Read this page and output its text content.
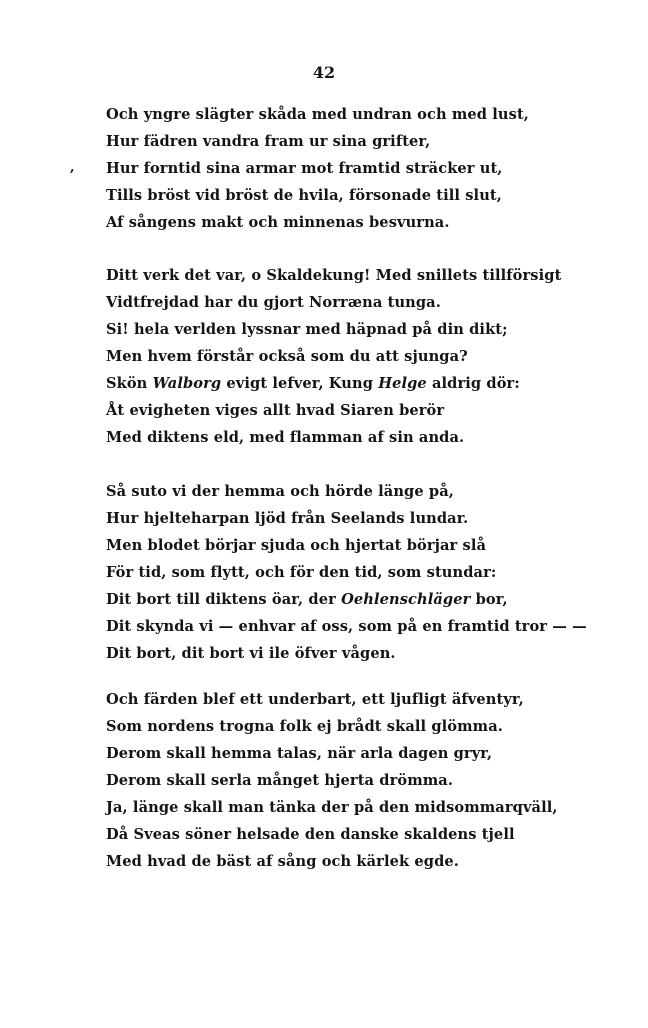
42
,
Och yngre slägter skåda med undran och med lust,
Hur fädren vandra fram ur sina grifter,
Hur forntid sina armar mot framtid sträcker ut,
Tills bröst vid bröst de hvila, försonade till slut,
Af sångens makt och minnenas besvurna.
Ditt verk det var, o Skaldekung! Med snillets tillförsigt
Vidtfrejdad har du gjort Norræna tunga.
Si! hela verlden lyssnar med häpnad på din dikt;
Men hvem förstår också som du att sjunga?
Skön Walborg evigt lefver, Kung Helge aldrig dör:
Åt evigheten viges allt hvad Siaren berör
Med diktens eld, med flamman af sin anda.
Så suto vi der hemma och hörde länge på,
Hur hjelteharpan ljöd från Seelands lundar.
Men blodet börjar sjuda och hjertat börjar slå
För tid, som flytt, och för den tid, som stundar:
Dit bort till diktens öar, der Oehlenschläger bor,
Dit skynda vi — enhvar af oss, som på en framtid tror — —
Dit bort, dit bort vi ile öfver vågen.
Och färden blef ett underbart, ett ljufligt äfventyr,
Som nordens trogna folk ej brådt skall glömma.
Derom skall hemma talas, när arla dagen gryr,
Derom skall serla månget hjerta drömma.
Ja, länge skall man tänka der på den midsommarqväll,
Då Sveas söner helsade den danske skaldens tjell
Med hvad de bäst af sång och kärlek egde.
